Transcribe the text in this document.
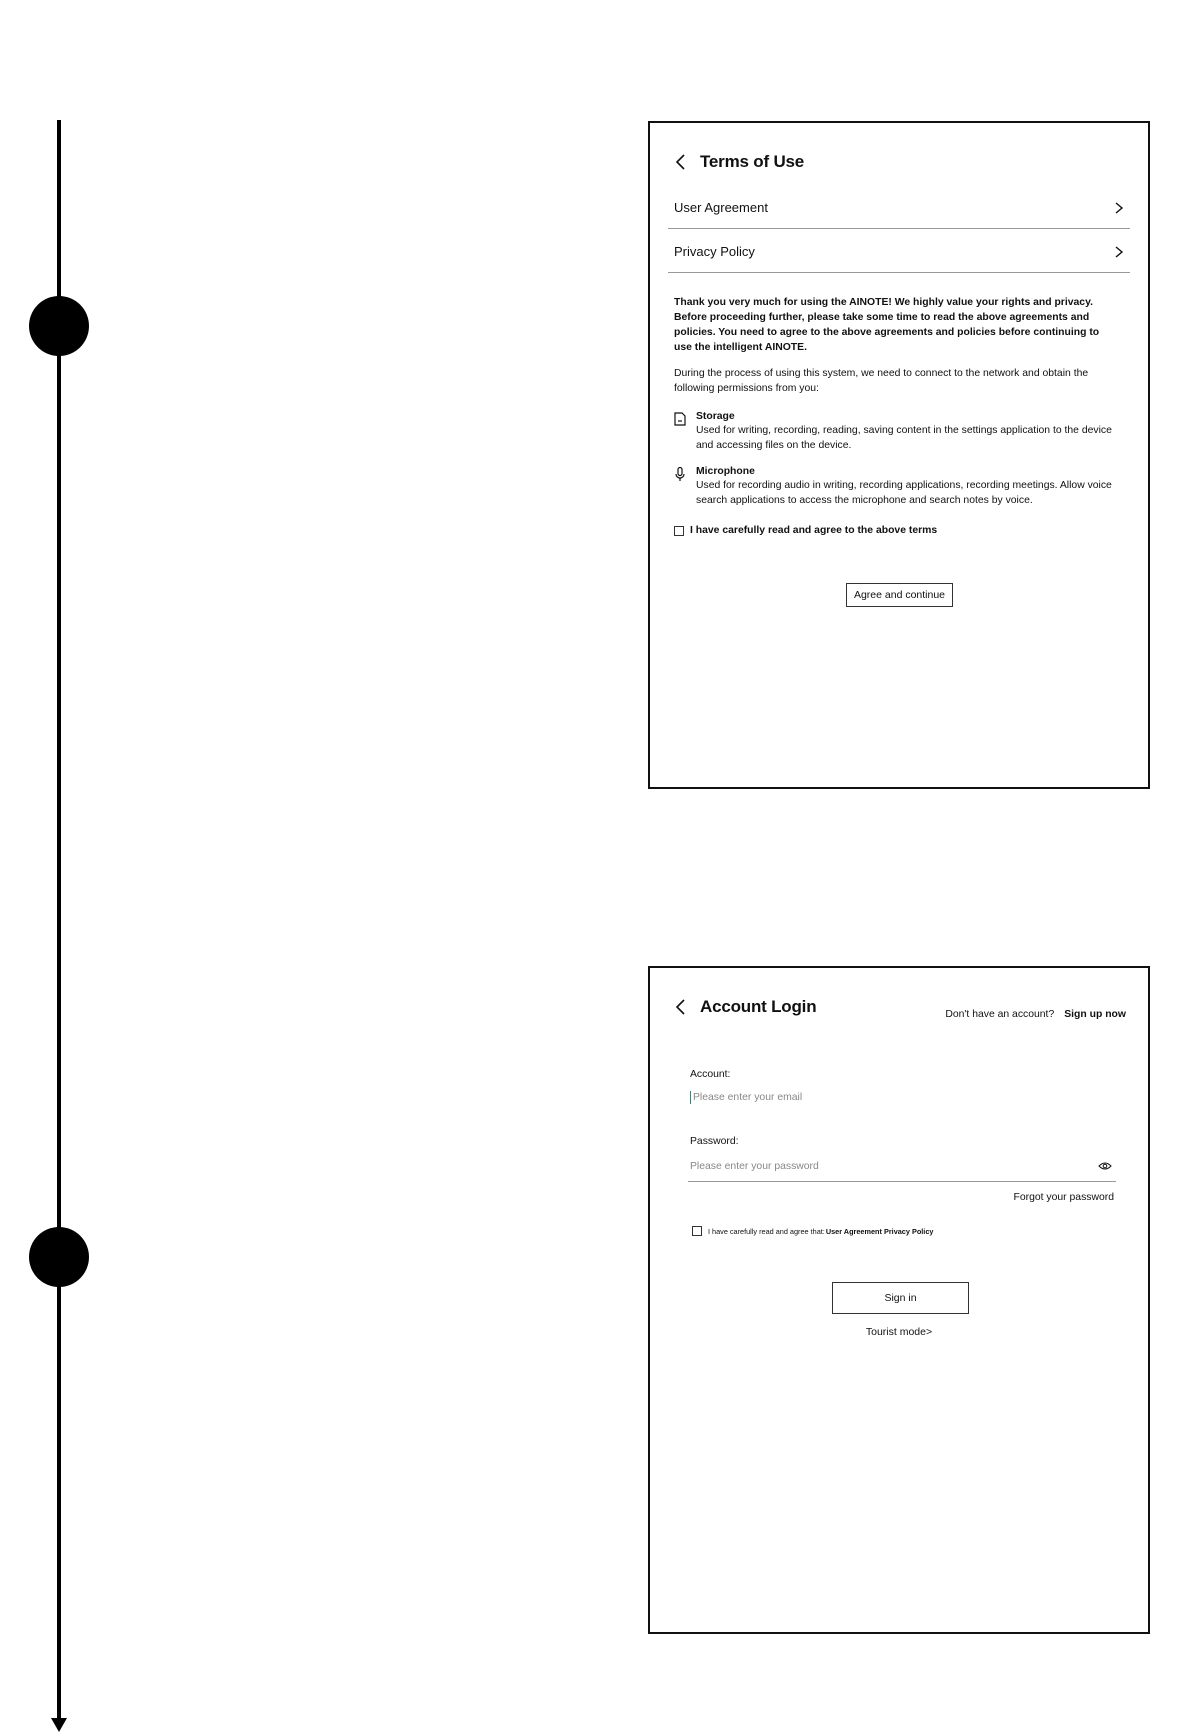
Terms of Use
User Agreement
Privacy Policy
Thank you very much for using the AINOTE! We highly value your rights and privacy. Before proceeding further, please take some time to read the above agreements and policies. You need to agree to the above agreements and policies before continuing to use the intelligent AINOTE.
During the process of using this system, we need to connect to the network and obtain the following permissions from you:
Storage
Used for writing, recording, reading, saving content in the settings application to the device and accessing files on the device.
Microphone
Used for recording audio in writing, recording applications, recording meetings. Allow voice search applications to access the microphone and search notes by voice.
I have carefully read and agree to the above terms
Agree and continue
Account Login	Don't have an account? Sign up now
Account:
Please enter your email
Password:
Please enter your password
Forgot your password
I have carefully read and agree that: User Agreement Privacy Policy
Sign in
Tourist mode>
